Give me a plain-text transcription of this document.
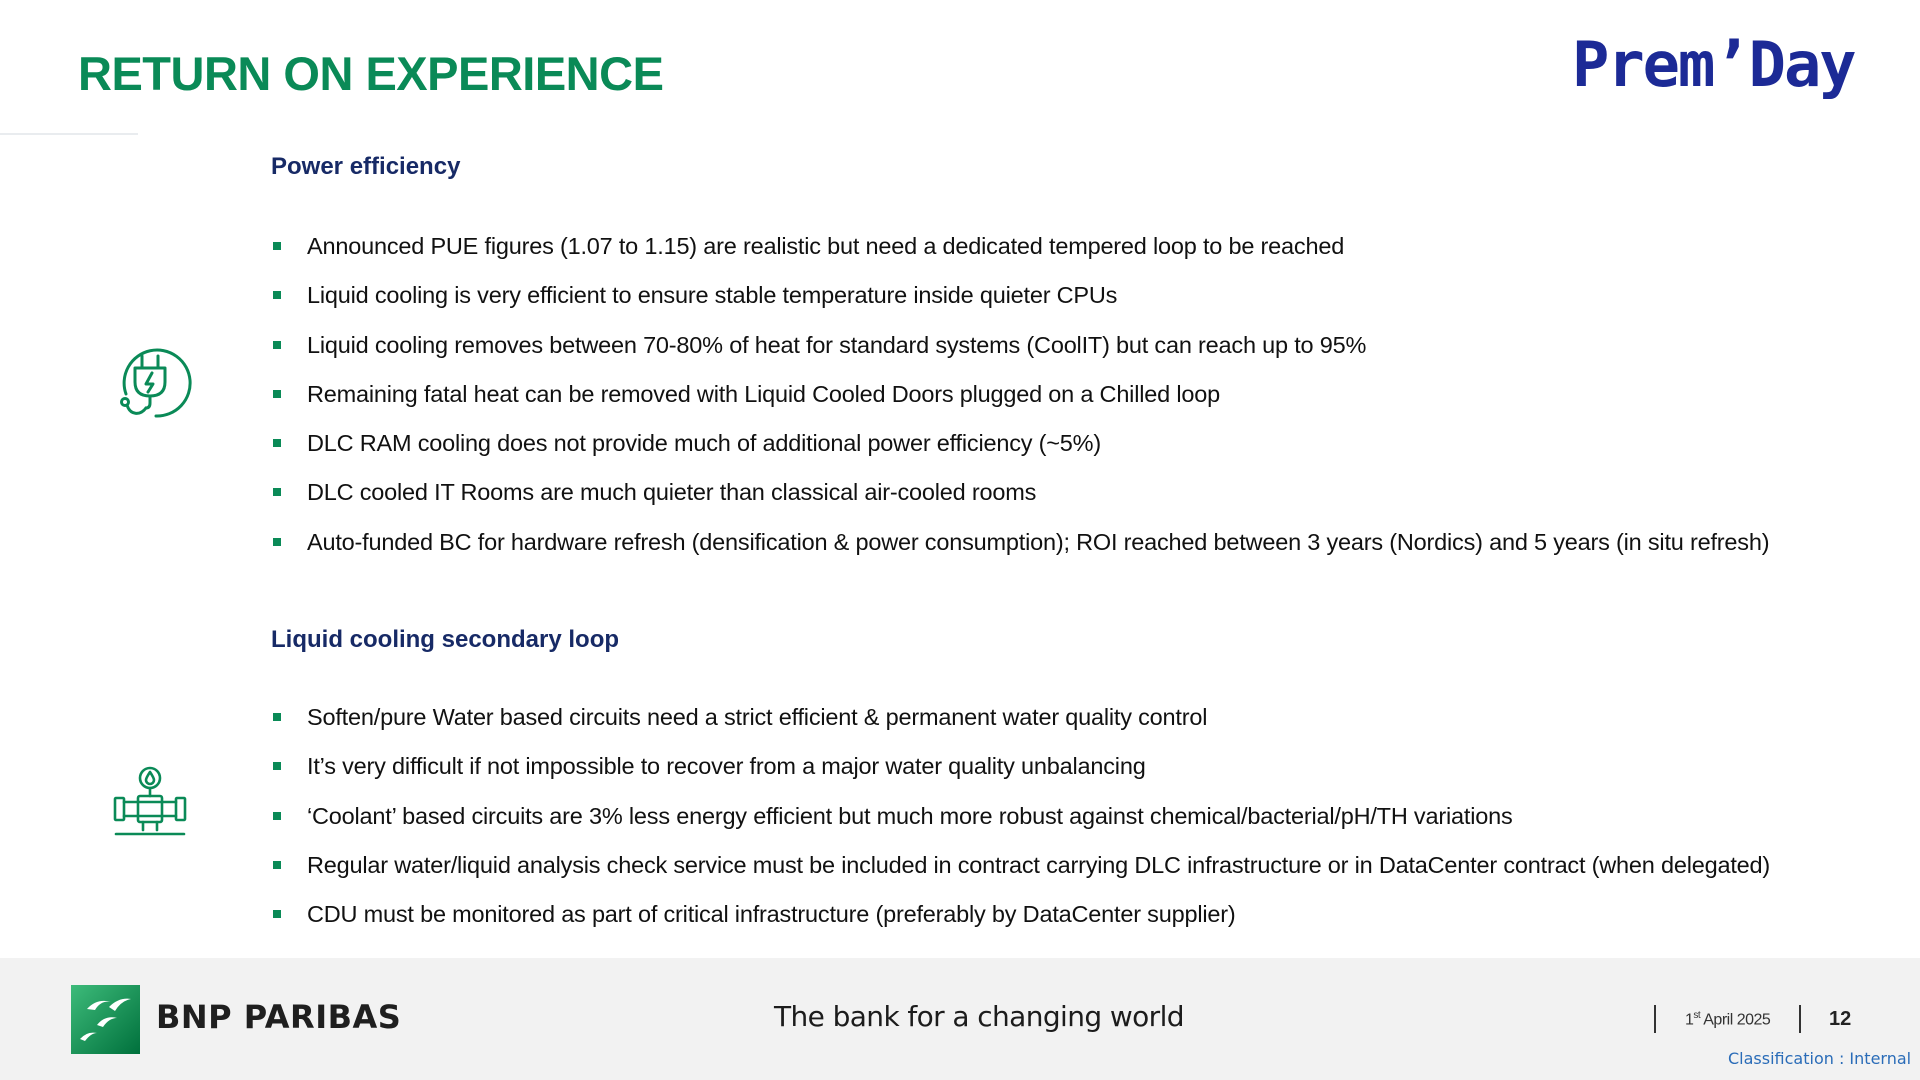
RETURN ON EXPERIENCE	Prem’Day
Power efficiency
Announced PUE figures (1.07 to 1.15) are realistic but need a dedicated tempered loop to be reached
Liquid cooling is very efficient to ensure stable temperature inside quieter CPUs
Liquid cooling removes between 70-80% of heat for standard systems (CoolIT) but can reach up to 95%
Remaining fatal heat can be removed with Liquid Cooled Doors plugged on a Chilled loop
DLC RAM cooling does not provide much of additional power efficiency (~5%)
DLC cooled IT Rooms are much quieter than classical air-cooled rooms
Auto-funded BC for hardware refresh (densification & power consumption); ROI reached between 3 years (Nordics) and 5 years (in situ refresh)
Liquid cooling secondary loop
Soften/pure Water based circuits need a strict efficient & permanent water quality control
It’s very difficult if not impossible to recover from a major water quality unbalancing
‘Coolant’ based circuits are 3% less energy efficient but much more robust against chemical/bacterial/pH/TH variations
Regular water/liquid analysis check service must be included in contract carrying DLC infrastructure or in DataCenter contract (when delegated)
CDU must be monitored as part of critical infrastructure (preferably by DataCenter supplier)
BNP PARIBAS	The bank for a changing world	1st April 2025	12
Classification : Internal
